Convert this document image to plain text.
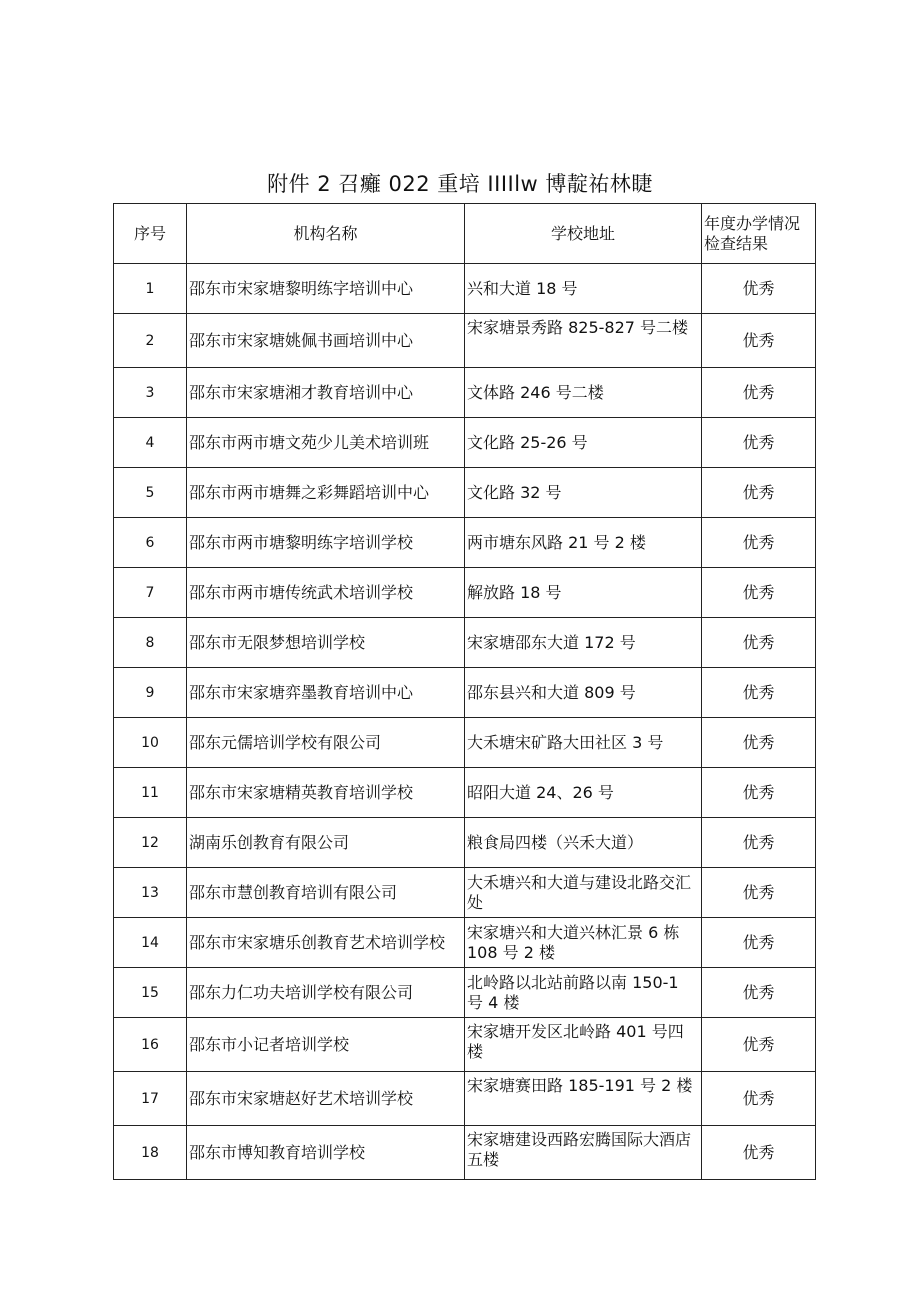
附件 2 召癱 022 重培 IIIIlw 博靛祐林睫
序号	机构名称	学校地址	年度办学情况检查结果
1	邵东市宋家塘黎明练字培训中心	兴和大道 18 号	优秀
2	邵东市宋家塘姚佩书画培训中心	宋家塘景秀路 825-827 号二楼	优秀
3	邵东市宋家塘湘才教育培训中心	文体路 246 号二楼	优秀
4	邵东市两市塘文苑少儿美术培训班	文化路 25-26 号	优秀
5	邵东市两市塘舞之彩舞蹈培训中心	文化路 32 号	优秀
6	邵东市两市塘黎明练字培训学校	两市塘东风路 21 号 2 楼	优秀
7	邵东市两市塘传统武术培训学校	解放路 18 号	优秀
8	邵东市无限梦想培训学校	宋家塘邵东大道 172 号	优秀
9	邵东市宋家塘弈墨教育培训中心	邵东县兴和大道 809 号	优秀
10	邵东元儒培训学校有限公司	大禾塘宋矿路大田社区 3 号	优秀
11	邵东市宋家塘精英教育培训学校	昭阳大道 24、26 号	优秀
12	湖南乐创教育有限公司	粮食局四楼（兴禾大道）	优秀
13	邵东市慧创教育培训有限公司	大禾塘兴和大道与建设北路交汇处	优秀
14	邵东市宋家塘乐创教育艺术培训学校	宋家塘兴和大道兴林汇景 6 栋 108 号 2 楼	优秀
15	邵东力仁功夫培训学校有限公司	北岭路以北站前路以南 150-1 号 4 楼	优秀
16	邵东市小记者培训学校	宋家塘开发区北岭路 401 号四楼	优秀
17	邵东市宋家塘赵好艺术培训学校	宋家塘赛田路 185-191 号 2 楼	优秀
18	邵东市博知教育培训学校	宋家塘建设西路宏腾国际大酒店五楼	优秀
